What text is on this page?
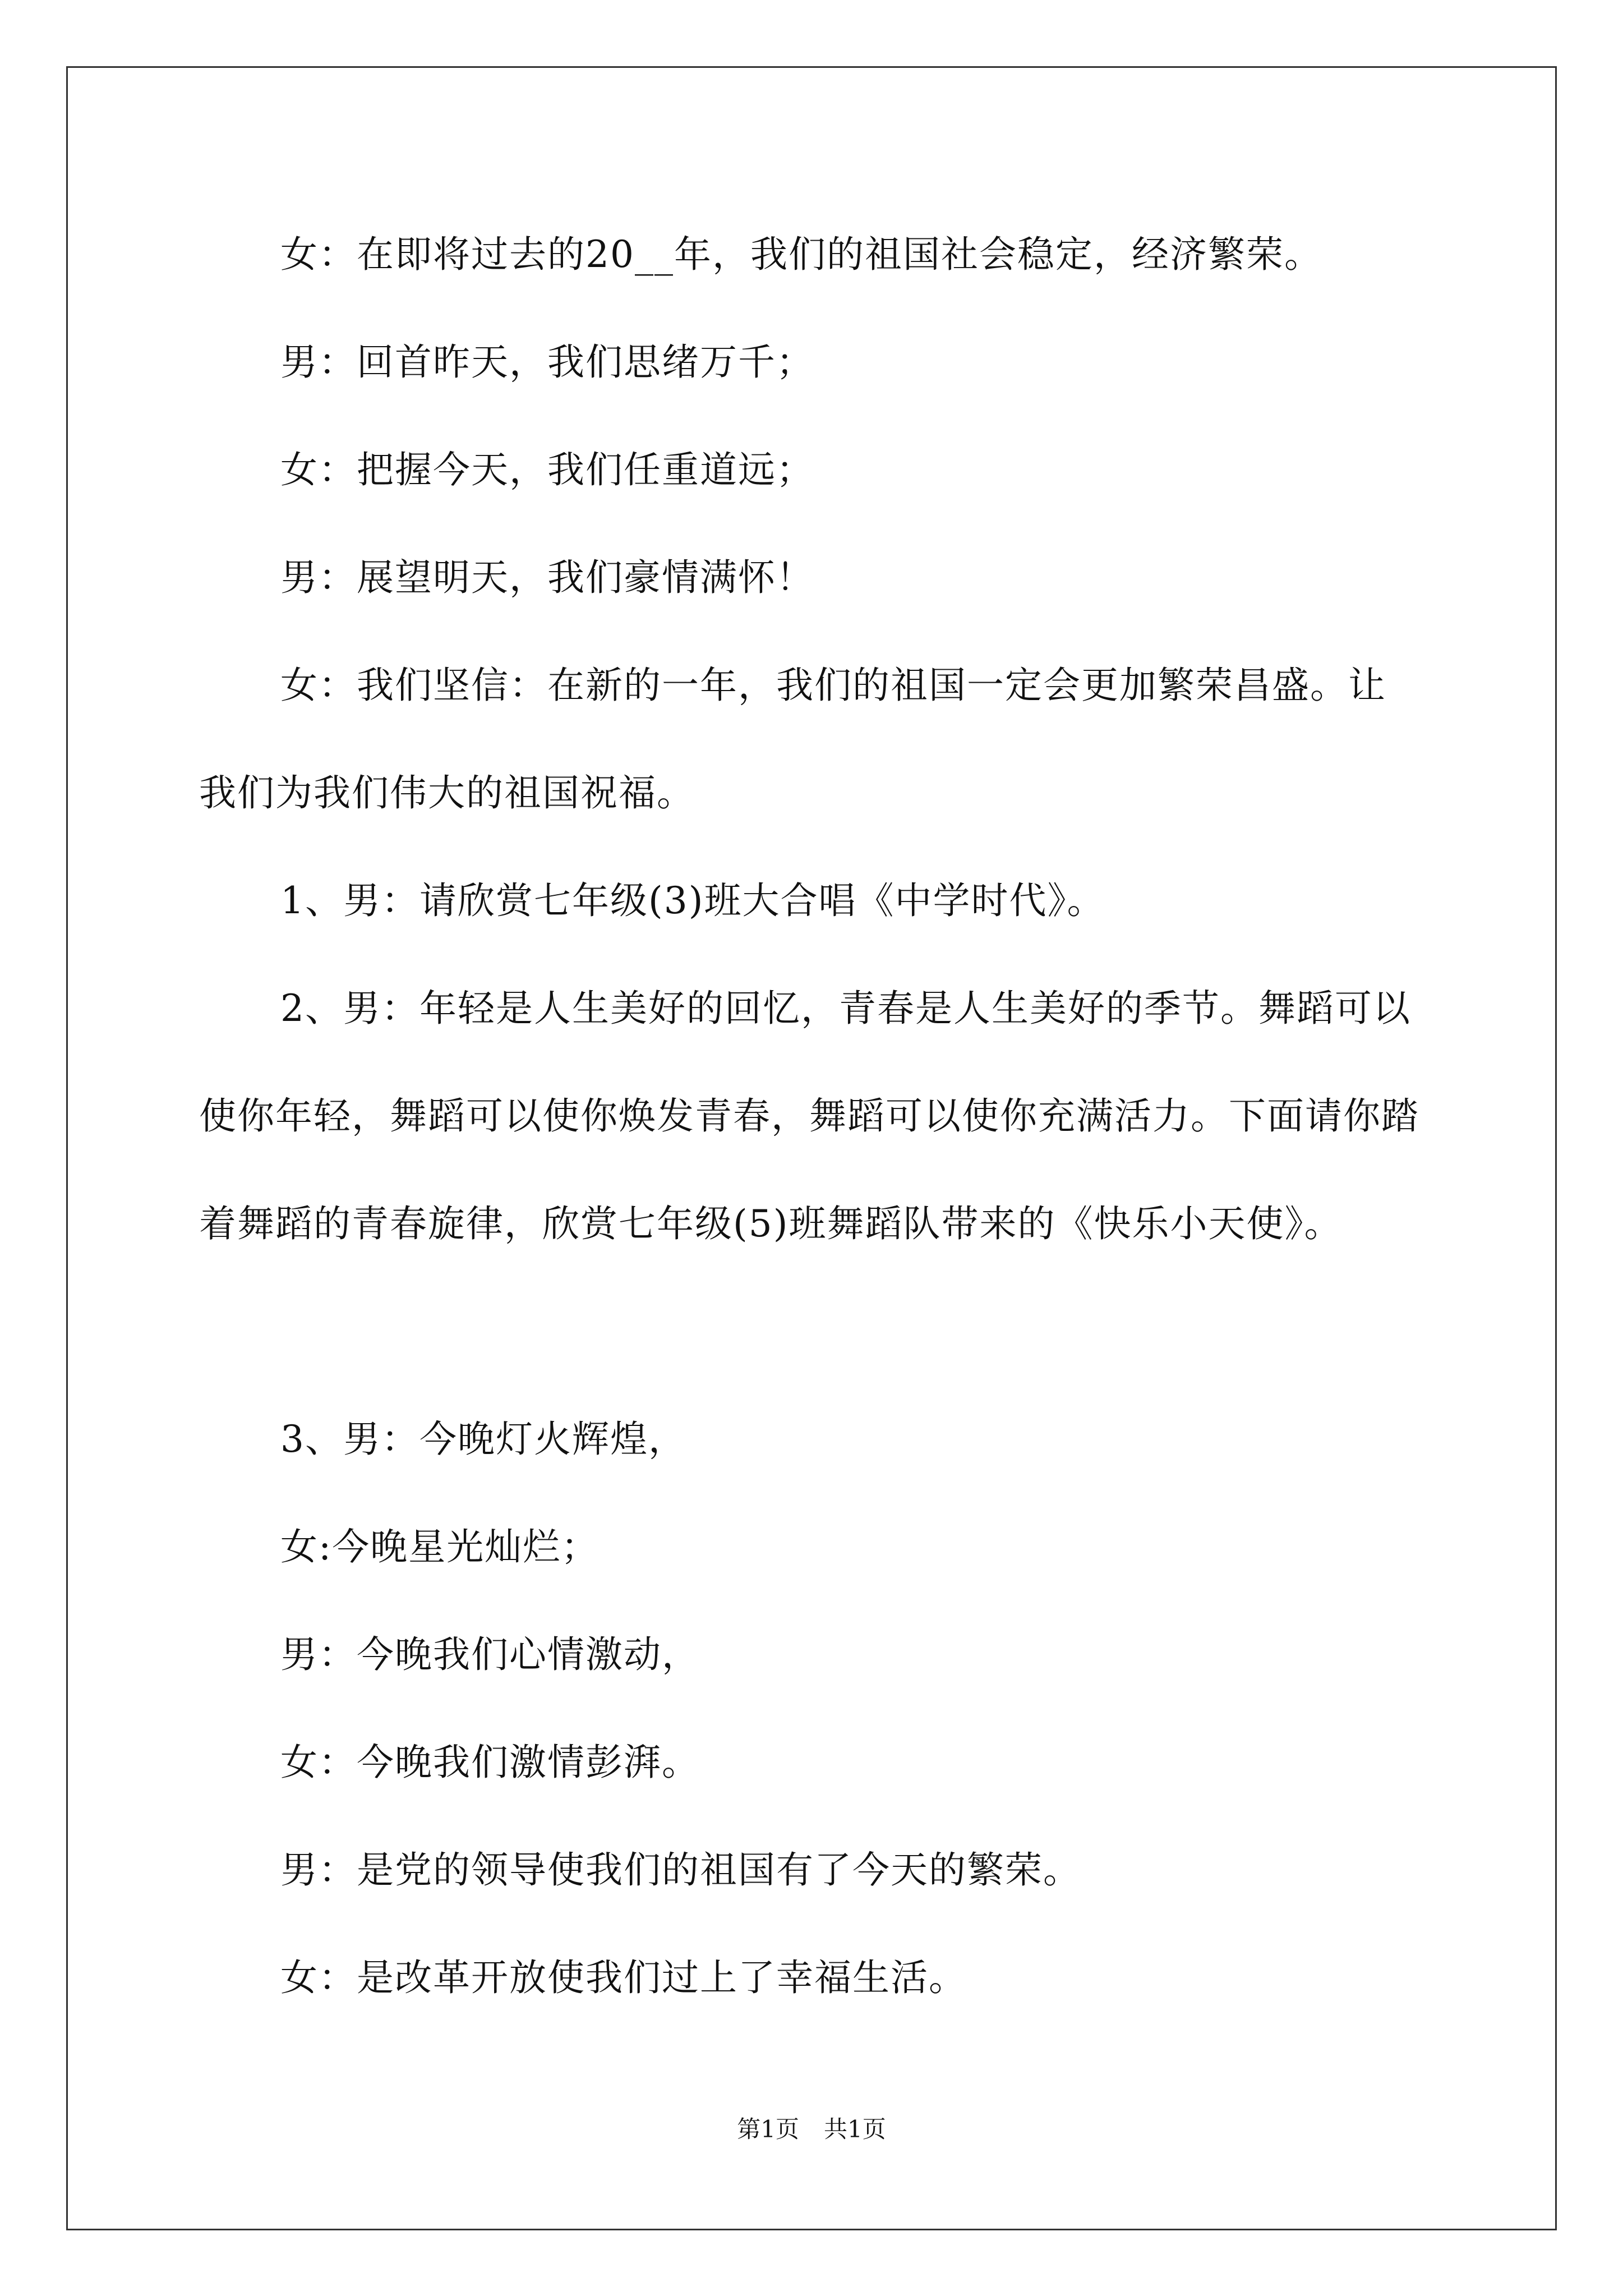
女：在即将过去的20__年，我们的祖国社会稳定，经济繁荣。

男：回首昨天，我们思绪万千；

女：把握今天，我们任重道远；

男：展望明天，我们豪情满怀！

女：我们坚信：在新的一年，我们的祖国一定会更加繁荣昌盛。让我们为我们伟大的祖国祝福。

1、男：请欣赏七年级(3)班大合唱《中学时代》。

2、男：年轻是人生美好的回忆，青春是人生美好的季节。舞蹈可以使你年轻，舞蹈可以使你焕发青春，舞蹈可以使你充满活力。下面请你踏着舞蹈的青春旋律，欣赏七年级(5)班舞蹈队带来的《快乐小天使》。

3、男：今晚灯火辉煌，

女:今晚星光灿烂；

男：今晚我们心情激动，

女：今晚我们激情彭湃。

男：是党的领导使我们的祖国有了今天的繁荣。

女：是改革开放使我们过上了幸福生活。

第1页 共1页
